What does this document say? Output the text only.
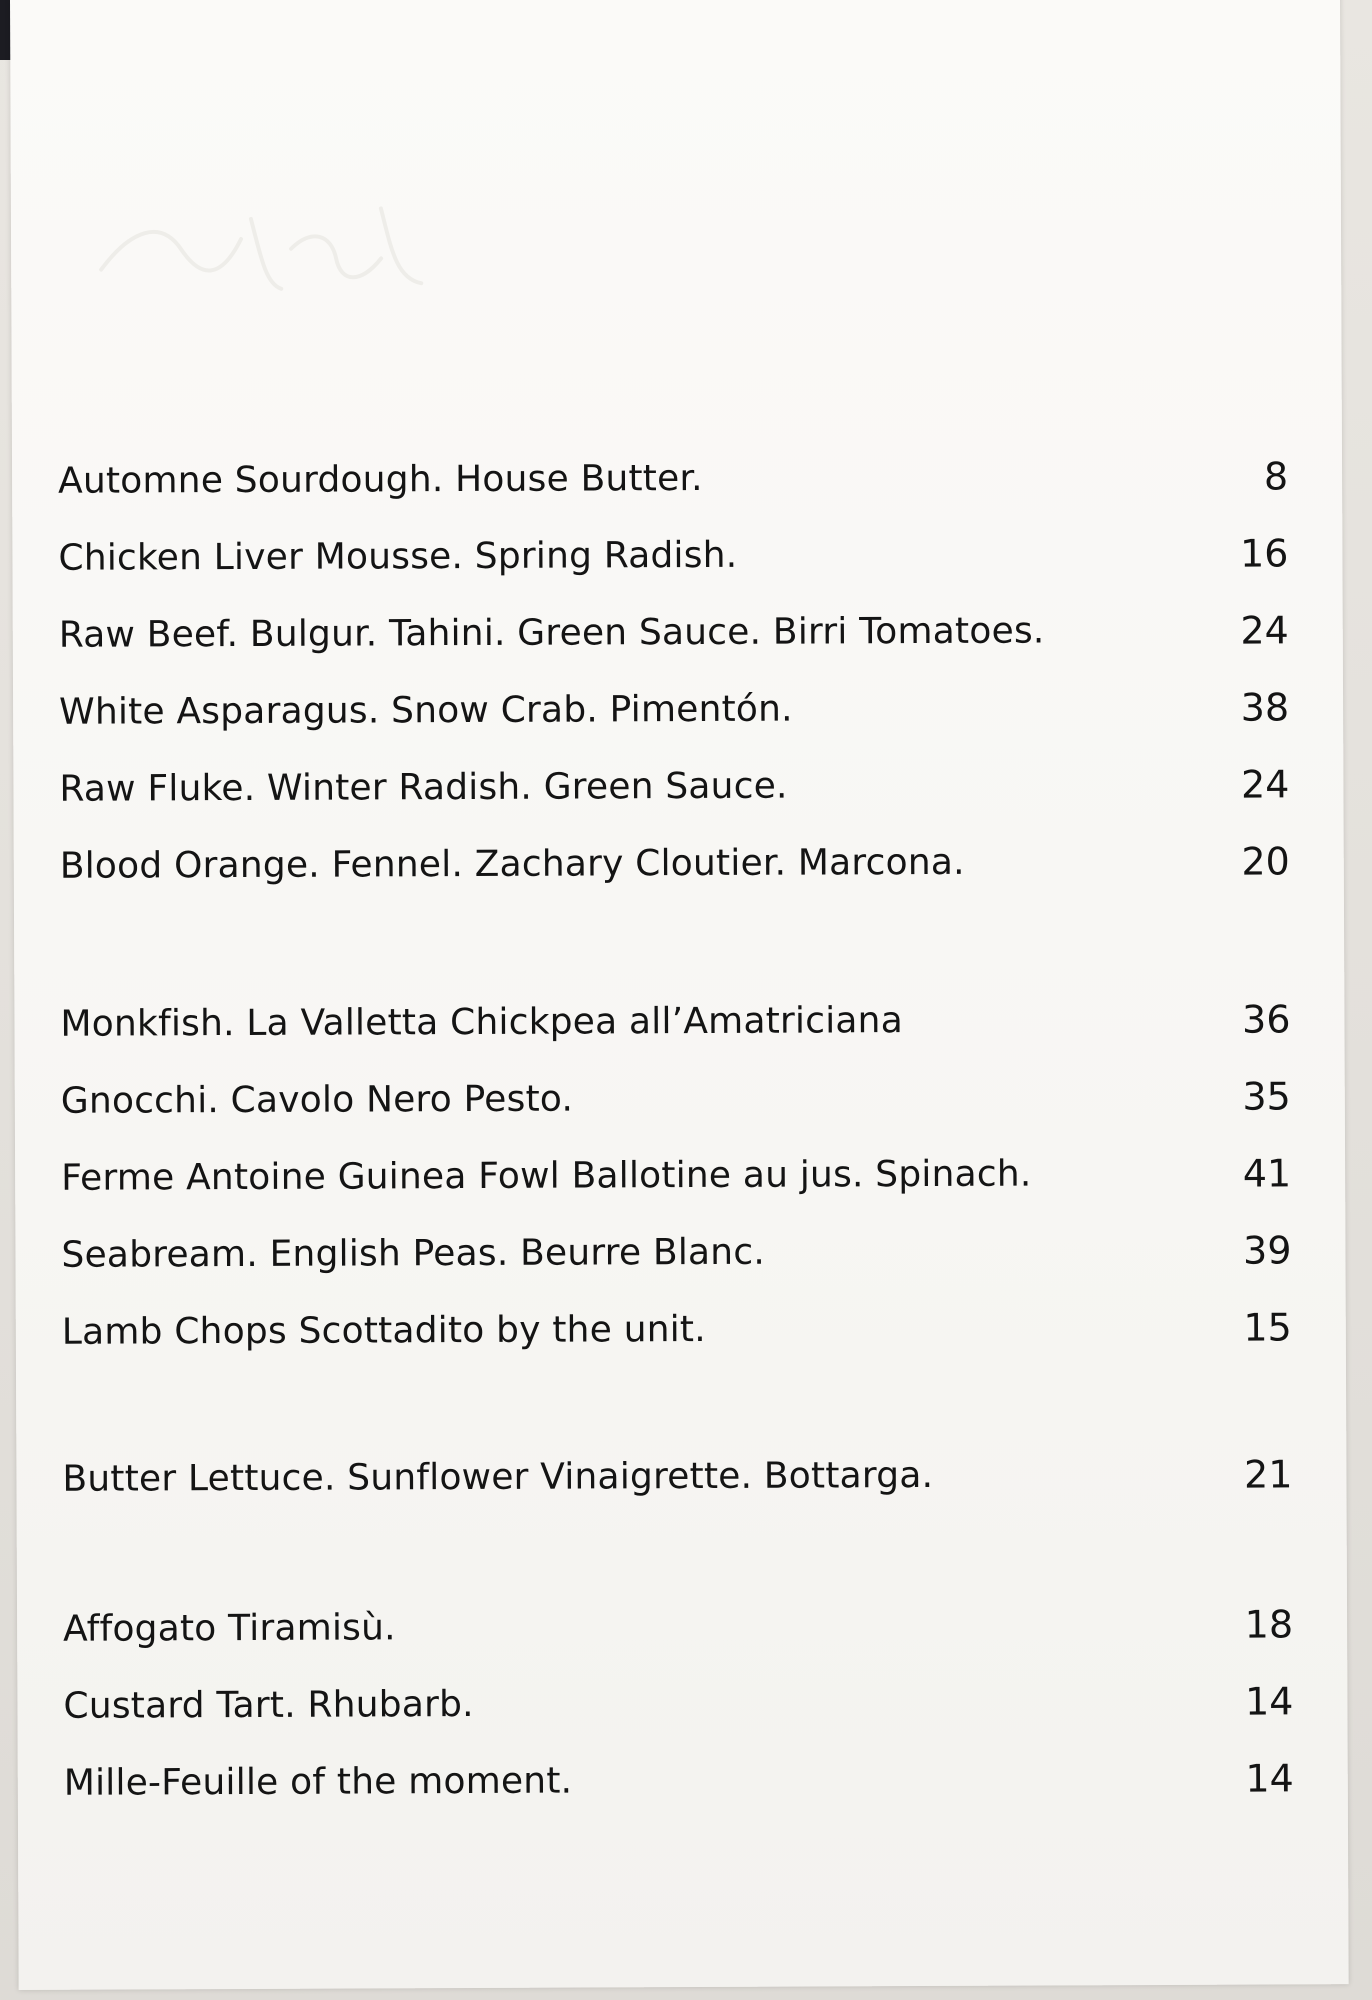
Automne Sourdough. House Butter.	8
Chicken Liver Mousse. Spring Radish.	16
Raw Beef. Bulgur. Tahini. Green Sauce. Birri Tomatoes.	24
White Asparagus. Snow Crab. Pimentón.	38
Raw Fluke. Winter Radish. Green Sauce.	24
Blood Orange. Fennel. Zachary Cloutier. Marcona.	20
Monkfish. La Valletta Chickpea all’Amatriciana	36
Gnocchi. Cavolo Nero Pesto.	35
Ferme Antoine Guinea Fowl Ballotine au jus. Spinach.	41
Seabream. English Peas. Beurre Blanc.	39
Lamb Chops Scottadito by the unit.	15
Butter Lettuce. Sunflower Vinaigrette. Bottarga.	21
Affogato Tiramisù.	18
Custard Tart. Rhubarb.	14
Mille-Feuille of the moment.	14
